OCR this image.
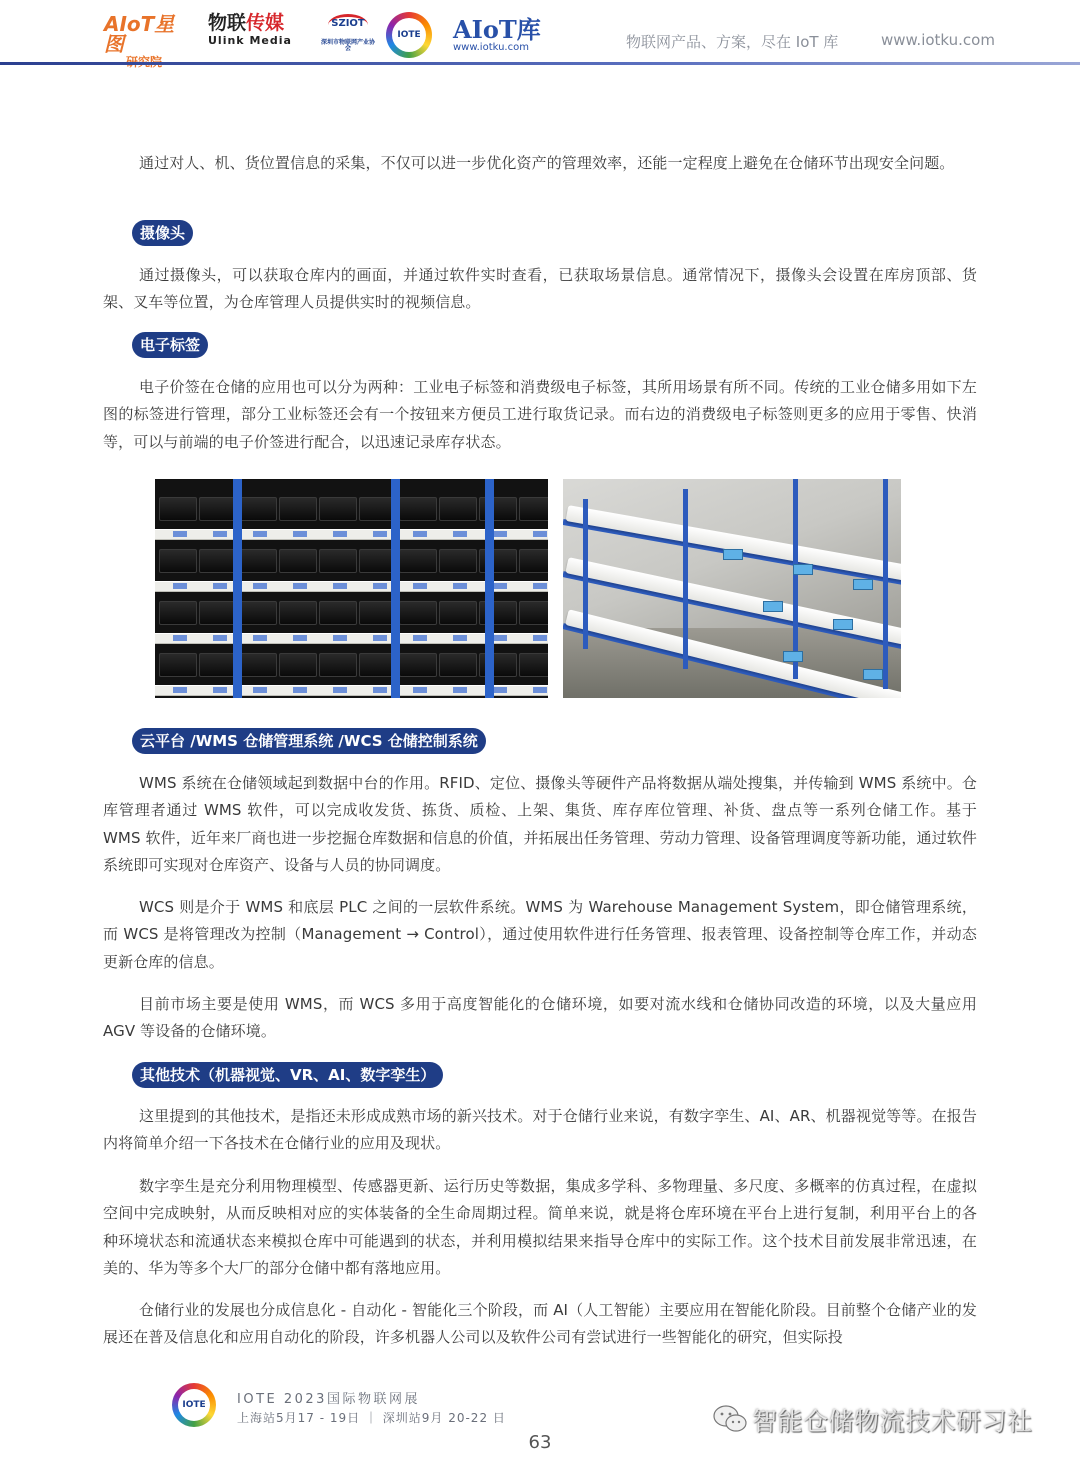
AIoT星图
物联传媒
Ulink Media
SZIOT
深圳市物联网产业协会
IOTE AIoT库
www.iotku.com	物联网产品、方案，尽在 IoT 库	www.iotku.com

通过对人、机、货位置信息的采集，不仅可以进一步优化资产的管理效率，还能一定程度上避免在仓储环节出现安全问题。

摄像头

通过摄像头，可以获取仓库内的画面，并通过软件实时查看，已获取场景信息。通常情况下，摄像头会设置在库房顶部、货架、叉车等位置，为仓库管理人员提供实时的视频信息。

电子标签

电子价签在仓储的应用也可以分为两种：工业电子标签和消费级电子标签，其所用场景有所不同。传统的工业仓储多用如下左图的标签进行管理，部分工业标签还会有一个按钮来方便员工进行取货记录。而右边的消费级电子标签则更多的应用于零售、快消等，可以与前端的电子价签进行配合，以迅速记录库存状态。

云平台 /WMS 仓储管理系统 /WCS 仓储控制系统

WMS 系统在仓储领域起到数据中台的作用。RFID、定位、摄像头等硬件产品将数据从端处搜集，并传输到 WMS 系统中。仓库管理者通过 WMS 软件，可以完成收发货、拣货、质检、上架、集货、库存库位管理、补货、盘点等一系列仓储工作。基于 WMS 软件，近年来厂商也进一步挖掘仓库数据和信息的价值，并拓展出任务管理、劳动力管理、设备管理调度等新功能，通过软件系统即可实现对仓库资产、设备与人员的协同调度。

WCS 则是介于 WMS 和底层 PLC 之间的一层软件系统。WMS 为 Warehouse Management System，即仓储管理系统，而 WCS 是将管理改为控制（Management → Control），通过使用软件进行任务管理、报表管理、设备控制等仓库工作，并动态更新仓库的信息。

目前市场主要是使用 WMS，而 WCS 多用于高度智能化的仓储环境，如要对流水线和仓储协同改造的环境，以及大量应用 AGV 等设备的仓储环境。

其他技术（机器视觉、VR、AI、数字孪生）

这里提到的其他技术，是指还未形成成熟市场的新兴技术。对于仓储行业来说，有数字孪生、AI、AR、机器视觉等等。在报告内将简单介绍一下各技术在仓储行业的应用及现状。

数字孪生是充分利用物理模型、传感器更新、运行历史等数据，集成多学科、多物理量、多尺度、多概率的仿真过程，在虚拟空间中完成映射，从而反映相对应的实体装备的全生命周期过程。简单来说，就是将仓库环境在平台上进行复制，利用平台上的各种环境状态和流通状态来模拟仓库中可能遇到的状态，并利用模拟结果来指导仓库中的实际工作。这个技术目前发展非常迅速，在美的、华为等多个大厂的部分仓储中都有落地应用。

仓储行业的发展也分成信息化 - 自动化 - 智能化三个阶段，而 AI（人工智能）主要应用在智能化阶段。目前整个仓储产业的发展还在普及信息化和应用自动化的阶段，许多机器人公司以及软件公司有尝试进行一些智能化的研究，但实际投

IOTE	IOTE 2023国际物联网展
上海站5月17 - 19日 ｜ 深圳站9月 20-22 日	智能仓储物流技术研习社
63
